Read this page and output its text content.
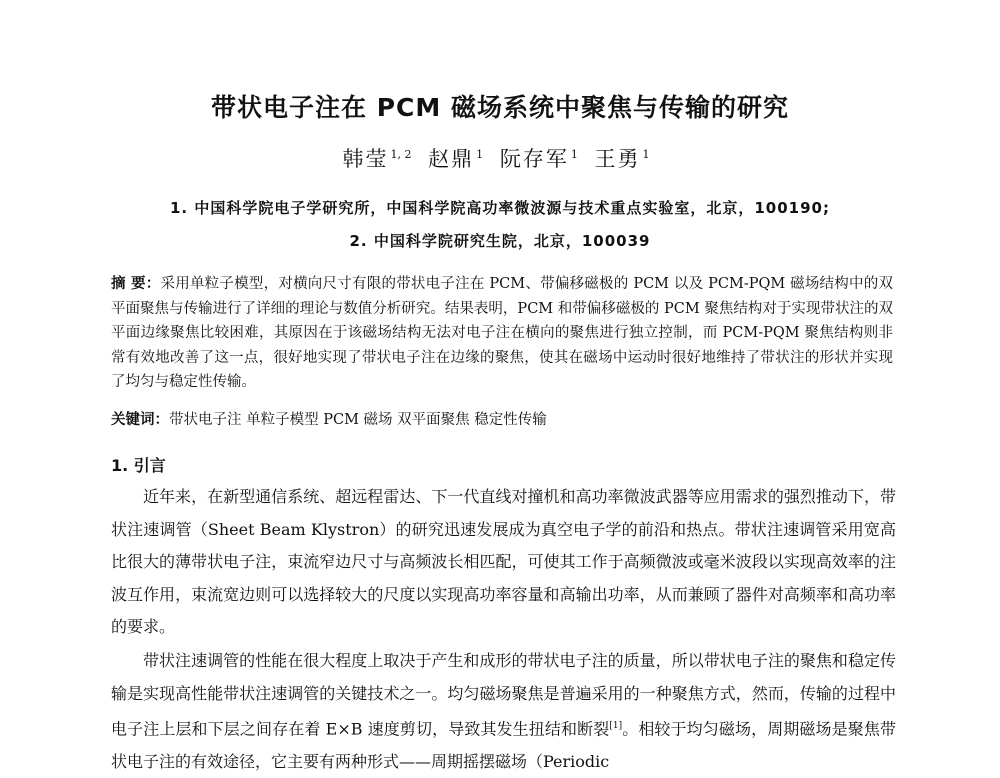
带状电子注在 PCM 磁场系统中聚焦与传输的研究
韩莹 $^{1, 2}$ 赵鼎 $^1$ 阮存军 $^1$ 王勇 $^1$
1. 中国科学院电子学研究所，中国科学院高功率微波源与技术重点实验室，北京，100190;
2. 中国科学院研究生院，北京，100039
摘 要：采用单粒子模型，对横向尺寸有限的带状电子注在 PCM、带偏移磁极的 PCM 以及 PCM-PQM 磁场结构中的双平面聚焦与传输进行了详细的理论与数值分析研究。结果表明，PCM 和带偏移磁极的 PCM 聚焦结构对于实现带状注的双平面边缘聚焦比较困难，其原因在于该磁场结构无法对电子注在横向的聚焦进行独立控制，而 PCM-PQM 聚焦结构则非常有效地改善了这一点，很好地实现了带状电子注在边缘的聚焦，使其在磁场中运动时很好地维持了带状注的形状并实现了均匀与稳定性传输。
关键词：带状电子注 单粒子模型 PCM 磁场 双平面聚焦 稳定性传输
1. 引言
近年来，在新型通信系统、超远程雷达、下一代直线对撞机和高功率微波武器等应用需求的强烈推动下，带状注速调管（Sheet Beam Klystron）的研究迅速发展成为真空电子学的前沿和热点。带状注速调管采用宽高比很大的薄带状电子注，束流窄边尺寸与高频波长相匹配，可使其工作于高频微波或毫米波段以实现高效率的注波互作用，束流宽边则可以选择较大的尺度以实现高功率容量和高输出功率，从而兼顾了器件对高频率和高功率的要求。
带状注速调管的性能在很大程度上取决于产生和成形的带状电子注的质量，所以带状电子注的聚焦和稳定传输是实现高性能带状注速调管的关键技术之一。均匀磁场聚焦是普遍采用的一种聚焦方式，然而，传输的过程中电子注上层和下层之间存在着 E×B 速度剪切，导致其发生扭结和断裂[1]。相较于均匀磁场，周期磁场是聚焦带状电子注的有效途径，它主要有两种形式——周期摇摆磁场（Periodic
